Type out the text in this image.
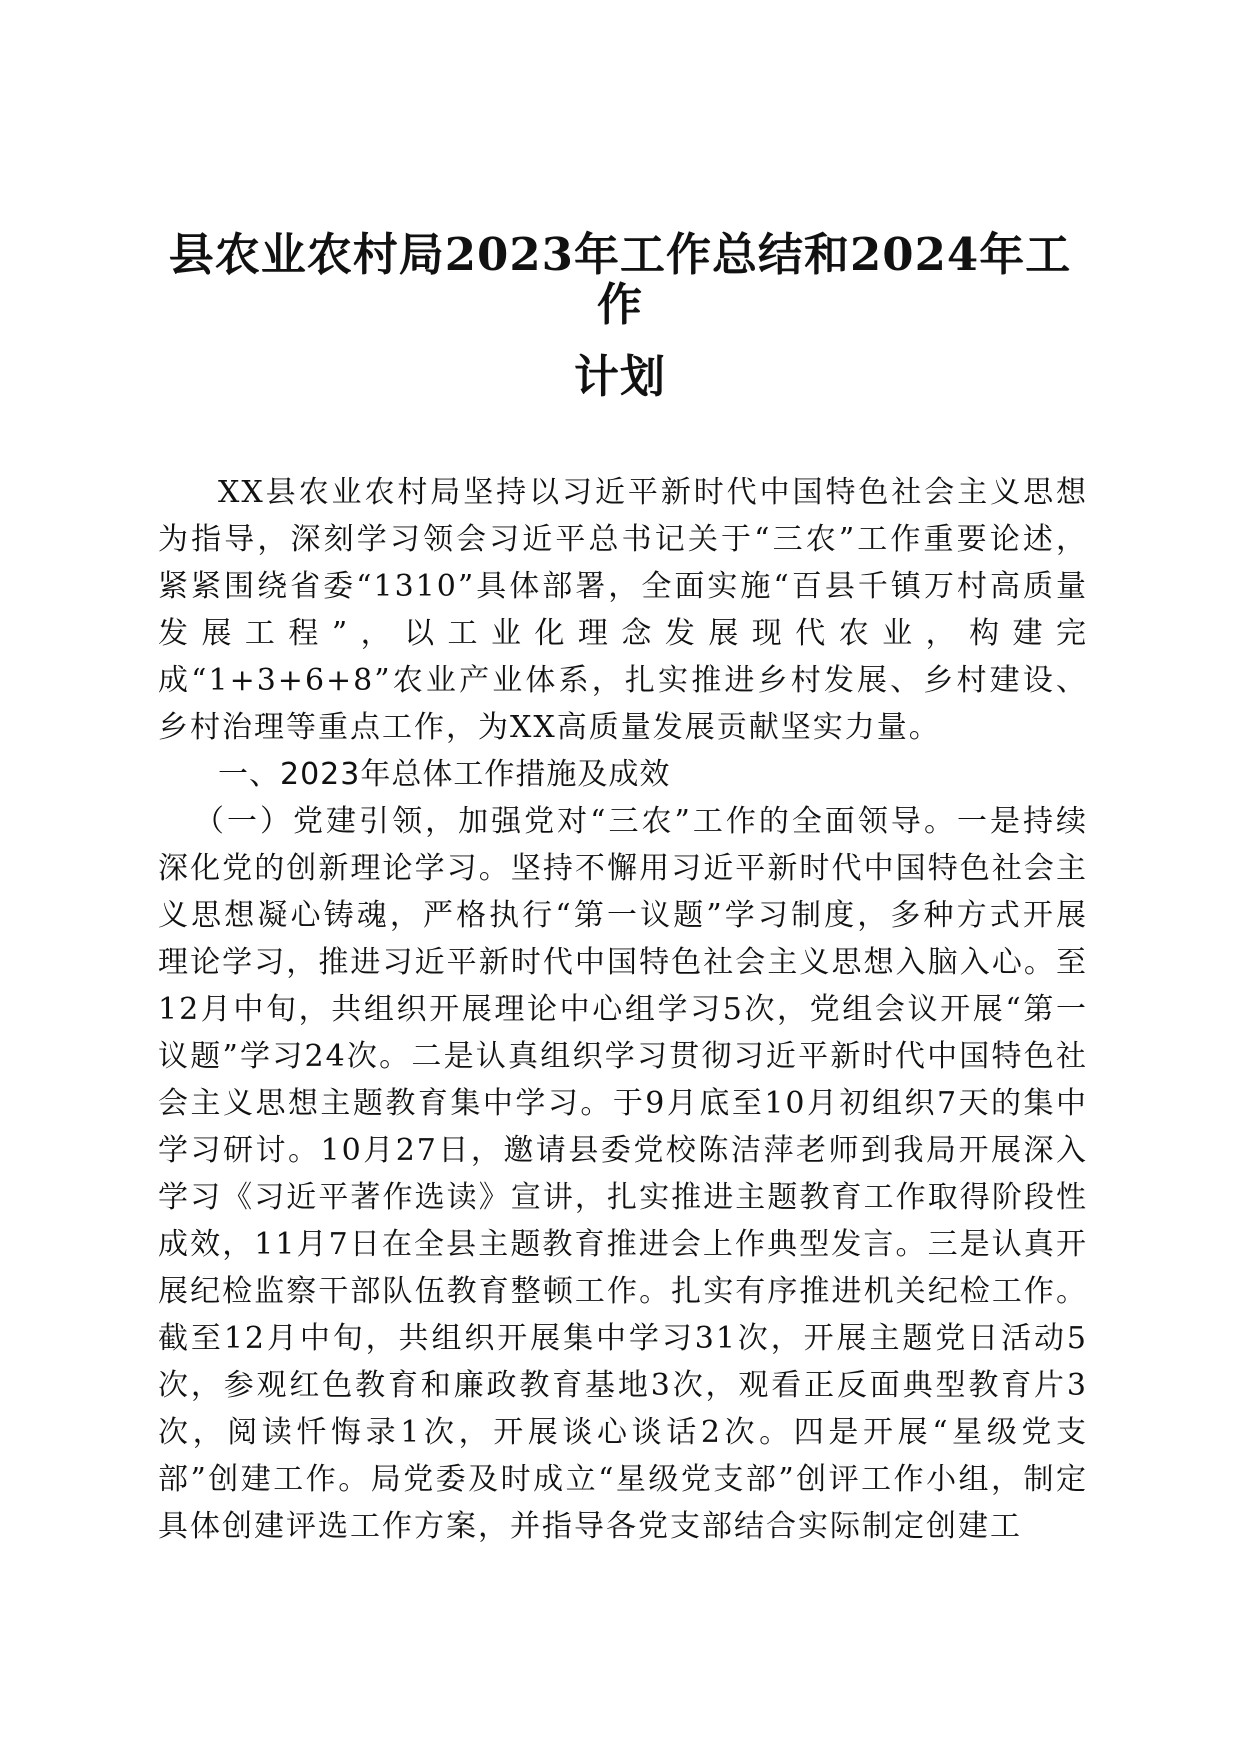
县农业农村局2023年工作总结和2024年工作
计划

XX县农业农村局坚持以习近平新时代中国特色社会主义思想为指导，深刻学习领会习近平总书记关于“三农”工作重要论述，紧紧围绕省委“1310”具体部署，全面实施“百县千镇万村高质量发展工程”，以工业化理念发展现代农业，构建完成“1+3+6+8”农业产业体系，扎实推进乡村发展、乡村建设、乡村治理等重点工作，为XX高质量发展贡献坚实力量。

一、2023年总体工作措施及成效

（一）党建引领，加强党对“三农”工作的全面领导。一是持续深化党的创新理论学习。坚持不懈用习近平新时代中国特色社会主义思想凝心铸魂，严格执行“第一议题”学习制度，多种方式开展理论学习，推进习近平新时代中国特色社会主义思想入脑入心。至12月中旬，共组织开展理论中心组学习5次，党组会议开展“第一议题”学习24次。二是认真组织学习贯彻习近平新时代中国特色社会主义思想主题教育集中学习。于9月底至10月初组织7天的集中学习研讨。10月27日，邀请县委党校陈洁萍老师到我局开展深入学习《习近平著作选读》宣讲，扎实推进主题教育工作取得阶段性成效，11月7日在全县主题教育推进会上作典型发言。三是认真开展纪检监察干部队伍教育整顿工作。扎实有序推进机关纪检工作。截至12月中旬，共组织开展集中学习31次，开展主题党日活动5次，参观红色教育和廉政教育基地3次，观看正反面典型教育片3次，阅读忏悔录1次，开展谈心谈话2次。四是开展“星级党支部”创建工作。局党委及时成立“星级党支部”创评工作小组，制定具体创建评选工作方案，并指导各党支部结合实际制定创建工
